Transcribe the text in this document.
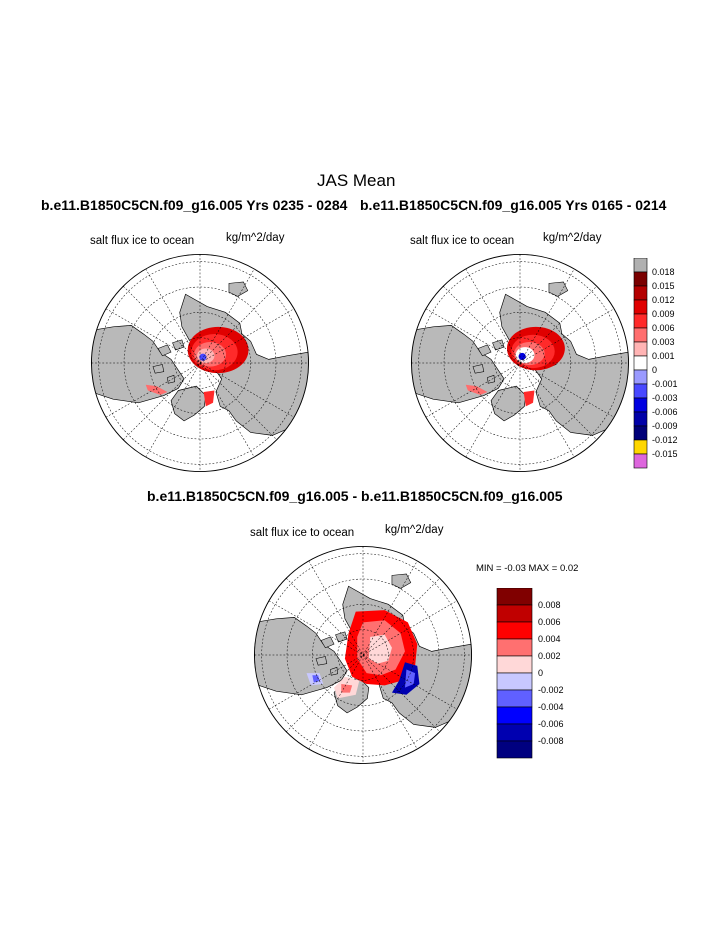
JAS Mean
b.e11.B1850C5CN.f09_g16.005 Yrs 0235 - 0284 b.e11.B1850C5CN.f09_g16.005 Yrs 0165 - 0214
salt flux ice to ocean	kg/m^2/day	salt flux ice to ocean	kg/m^2/day
b.e11.B1850C5CN.f09_g16.005 - b.e11.B1850C5CN.f09_g16.005
salt flux ice to ocean	kg/m^2/day
MIN = -0.03 MAX = 0.02
0.018
0.015
0.012
0.009
0.006
0.003
0.001
0
-0.001
-0.003
-0.006
-0.009
-0.012
-0.015
0.008
0.006
0.004
0.002
0
-0.002
-0.004
-0.006
-0.008
